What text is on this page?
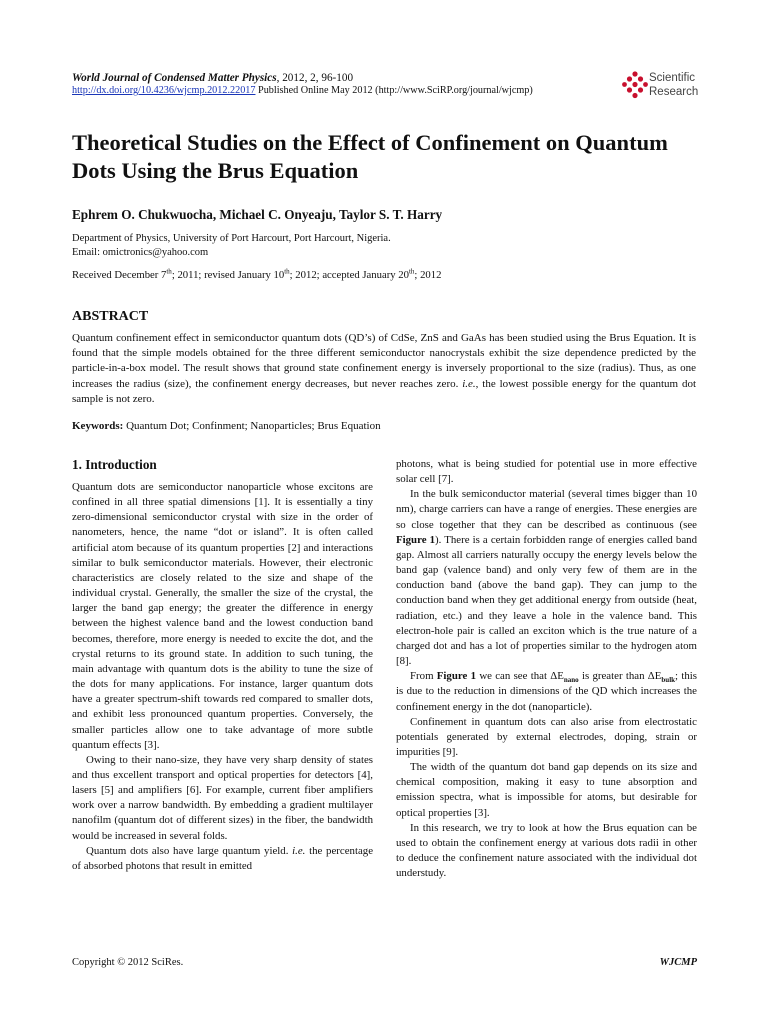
World Journal of Condensed Matter Physics, 2012, 2, 96-100
http://dx.doi.org/10.4236/wjcmp.2012.22017 Published Online May 2012 (http://www.SciRP.org/journal/wjcmp)
Scientific
Research
Theoretical Studies on the Effect of Confinement on Quantum Dots Using the Brus Equation
Ephrem O. Chukwuocha, Michael C. Onyeaju, Taylor S. T. Harry
Department of Physics, University of Port Harcourt, Port Harcourt, Nigeria.
Email: omictronics@yahoo.com
Received December 7th; 2011; revised January 10th; 2012; accepted January 20th; 2012
ABSTRACT
Quantum confinement effect in semiconductor quantum dots (QD’s) of CdSe, ZnS and GaAs has been studied using the Brus Equation. It is found that the simple models obtained for the three different semiconductor nanocrystals exhibit the size dependence predicted by the particle-in-a-box model. The result shows that ground state confinement energy is inversely proportional to the size (radius). Thus, as one increases the radius (size), the confinement energy decreases, but never reaches zero. i.e., the lowest possible energy for the quantum dot sample is not zero.
Keywords: Quantum Dot; Confinment; Nanoparticles; Brus Equation
1. Introduction

Quantum dots are semiconductor nanoparticle whose excitons are confined in all three spatial dimensions [1]. It is essentially a tiny zero-dimensional semiconductor crystal with size in the order of nanometers, hence, the name “dot or island”. It is often called artificial atom because of its quantum properties [2] and interactions similar to bulk semiconductor materials. However, their electronic characteristics are closely related to the size and shape of the individual crystal. Generally, the smaller the size of the crystal, the larger the band gap energy; the greater the difference in energy between the highest valence band and the lowest conduction band becomes, therefore, more energy is needed to excite the dot, and the crystal returns to its ground state. In addition to such tuning, the main advantage with quantum dots is the ability to tune the size of the dots for many applications. For instance, larger quantum dots have a greater spectrum-shift towards red compared to smaller dots, and exhibit less pronounced quantum properties. Conversely, the smaller particles allow one to take advantage of more subtle quantum effects [3].

Owing to their nano-size, they have very sharp density of states and thus excellent transport and optical properties for detectors [4], lasers [5] and amplifiers [6]. For example, current fiber amplifiers work over a narrow bandwidth. By embedding a gradient multilayer nanofilm (quantum dot of different sizes) in the fiber, the bandwidth would be increased in several folds.

Quantum dots also have large quantum yield. i.e. the percentage of absorbed photons that result in emitted

photons, what is being studied for potential use in more effective solar cell [7].

In the bulk semiconductor material (several times bigger than 10 nm), charge carriers can have a range of energies. These energies are so close together that they can be described as continuous (see Figure 1). There is a certain forbidden range of energies called band gap. Almost all carriers naturally occupy the energy levels below the band gap (valence band) and only very few of them are in the conduction band (above the band gap). They can jump to the conduction band when they get additional energy from outside (heat, radiation, etc.) and they leave a hole in the valence band. This electron-hole pair is called an exciton which is the true nature of a charged dot and has a lot of properties similar to the hydrogen atom [8].

From Figure 1 we can see that $\Delta E_{nano}$ is greater than $\Delta E_{bulk}$; this is due to the reduction in dimensions of the QD which increases the confinement energy in the dot (nanoparticle).

Confinement in quantum dots can also arise from electrostatic potentials generated by external electrodes, doping, strain or impurities [9].

The width of the quantum dot band gap depends on its size and chemical composition, making it easy to tune absorption and emission spectra, what is impossible for atoms, but desirable for optical properties [3].

In this research, we try to look at how the Brus equation can be used to obtain the confinement energy at various dots radii in other to deduce the confinement nature associated with the individual dot understudy.

Copyright © 2012 SciRes.	WJCMP
